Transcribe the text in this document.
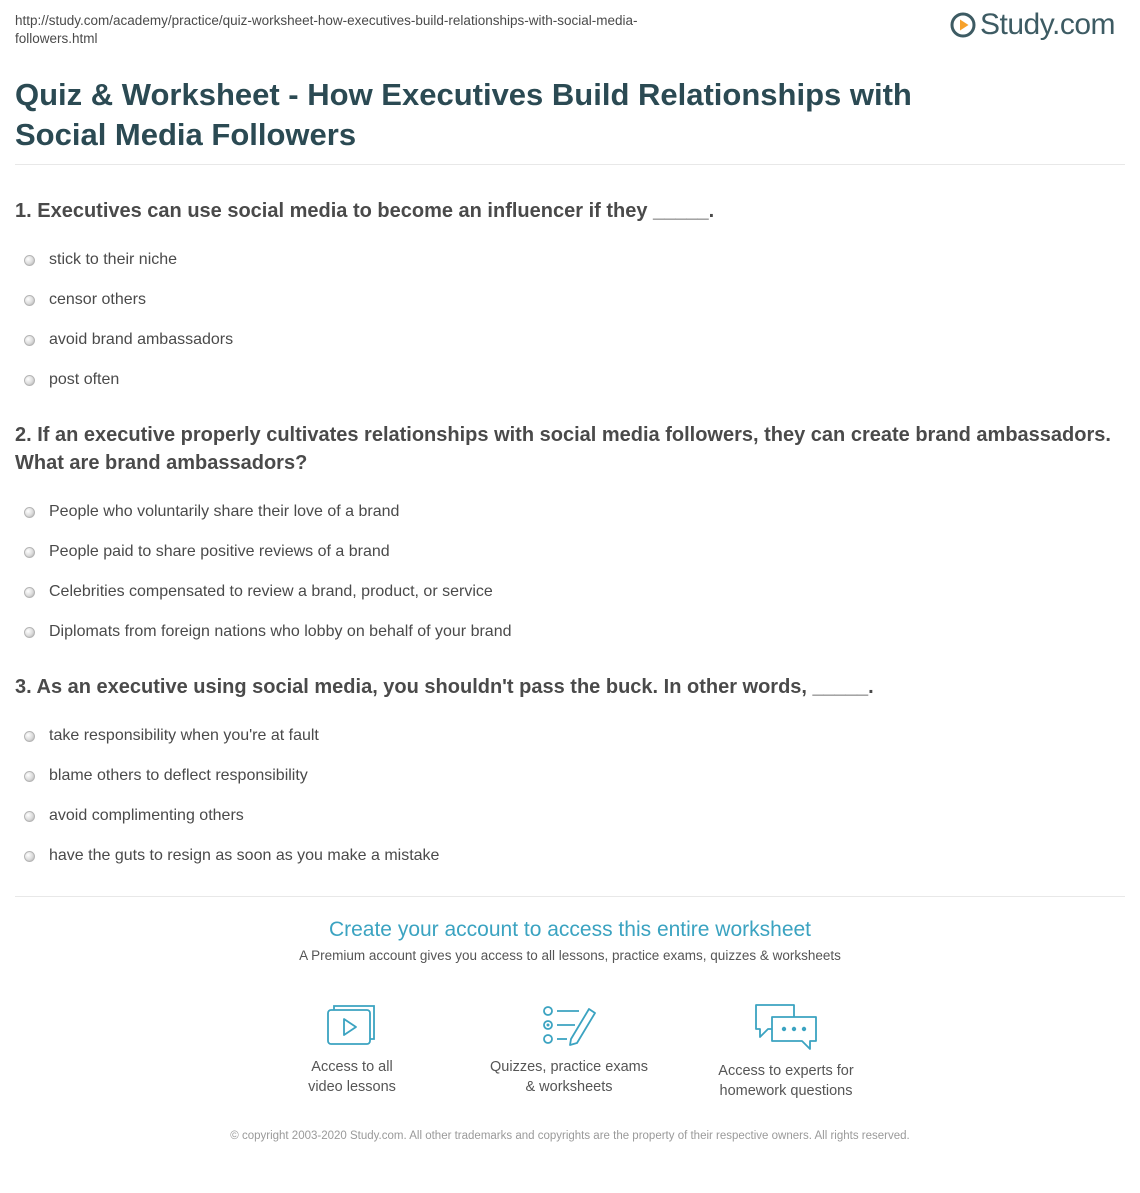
http://study.com/academy/practice/quiz-worksheet-how-executives-build-relationships-with-social-media-followers.html	Study.com
Quiz & Worksheet - How Executives Build Relationships with Social Media Followers

1. Executives can use social media to become an influencer if they _____.

stick to their niche
censor others
avoid brand ambassadors
post often

2. If an executive properly cultivates relationships with social media followers, they can create brand ambassadors. What are brand ambassadors?

People who voluntarily share their love of a brand
People paid to share positive reviews of a brand
Celebrities compensated to review a brand, product, or service
Diplomats from foreign nations who lobby on behalf of your brand

3. As an executive using social media, you shouldn't pass the buck. In other words, _____.

take responsibility when you're at fault
blame others to deflect responsibility
avoid complimenting others
have the guts to resign as soon as you make a mistake

Create your account to access this entire worksheet

A Premium account gives you access to all lessons, practice exams, quizzes & worksheets
Access to all
video lessons
Quizzes, practice exams
& worksheets
Access to experts for
homework questions
© copyright 2003-2020 Study.com. All other trademarks and copyrights are the property of their respective owners. All rights reserved.
